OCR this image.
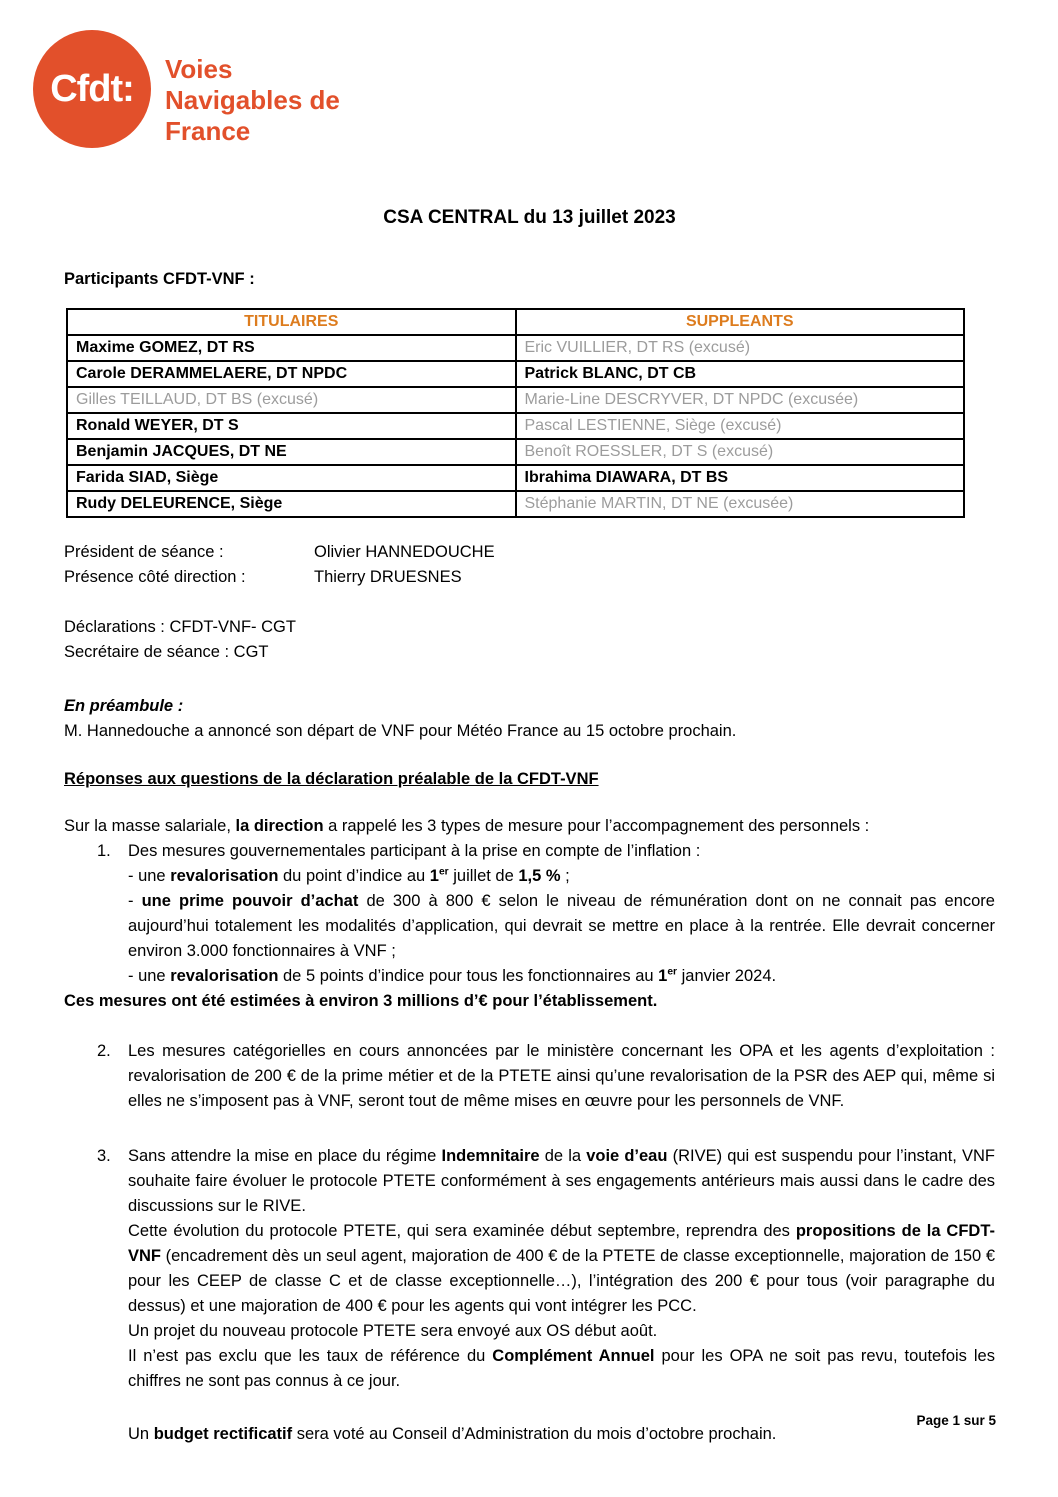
Cfdt: Voies
Navigables de
France
CSA CENTRAL du 13 juillet 2023

Participants CFDT-VNF :

TITULAIRES	SUPPLEANTS
Maxime GOMEZ, DT RS	Eric VUILLIER, DT RS (excusé)
Carole DERAMMELAERE, DT NPDC	Patrick BLANC, DT CB
Gilles TEILLAUD, DT BS (excusé)	Marie-Line DESCRYVER, DT NPDC (excusée)
Ronald WEYER, DT S	Pascal LESTIENNE, Siège (excusé)
Benjamin JACQUES, DT NE	Benoît ROESSLER, DT S (excusé)
Farida SIAD, Siège	Ibrahima DIAWARA, DT BS
Rudy DELEURENCE, Siège	Stéphanie MARTIN, DT NE (excusée)
Président de séance :	Olivier HANNEDOUCHE
Présence côté direction :	Thierry DRUESNES
Déclarations : CFDT-VNF- CGT
Secrétaire de séance : CGT

En préambule :

M. Hannedouche a annoncé son départ de VNF pour Météo France au 15 octobre prochain.

Réponses aux questions de la déclaration préalable de la CFDT-VNF

Sur la masse salariale, la direction a rappelé les 3 types de mesure pour l’accompagnement des personnels :

1. Des mesures gouvernementales participant à la prise en compte de l’inflation :

- une revalorisation du point d’indice au 1er juillet de 1,5 % ;

- une prime pouvoir d’achat de 300 à 800 € selon le niveau de rémunération dont on ne connait pas encore aujourd’hui totalement les modalités d’application, qui devrait se mettre en place à la rentrée. Elle devrait concerner environ 3.000 fonctionnaires à VNF ;

- une revalorisation de 5 points d’indice pour tous les fonctionnaires au 1er janvier 2024.

Ces mesures ont été estimées à environ 3 millions d’€ pour l’établissement.

2. Les mesures catégorielles en cours annoncées par le ministère concernant les OPA et les agents d’exploitation : revalorisation de 200 € de la prime métier et de la PTETE ainsi qu’une revalorisation de la PSR des AEP qui, même si elles ne s’imposent pas à VNF, seront tout de même mises en œuvre pour les personnels de VNF.

3. Sans attendre la mise en place du régime Indemnitaire de la voie d’eau (RIVE) qui est suspendu pour l’instant, VNF souhaite faire évoluer le protocole PTETE conformément à ses engagements antérieurs mais aussi dans le cadre des discussions sur le RIVE.

Cette évolution du protocole PTETE, qui sera examinée début septembre, reprendra des propositions de la CFDT-VNF (encadrement dès un seul agent, majoration de 400 € de la PTETE de classe exceptionnelle, majoration de 150 € pour les CEEP de classe C et de classe exceptionnelle…), l’intégration des 200 € pour tous (voir paragraphe du dessus) et une majoration de 400 € pour les agents qui vont intégrer les PCC.

Un projet du nouveau protocole PTETE sera envoyé aux OS début août.

Il n’est pas exclu que les taux de référence du Complément Annuel pour les OPA ne soit pas revu, toutefois les chiffres ne sont pas connus à ce jour.

Un budget rectificatif sera voté au Conseil d’Administration du mois d’octobre prochain.

Page 1 sur 5
